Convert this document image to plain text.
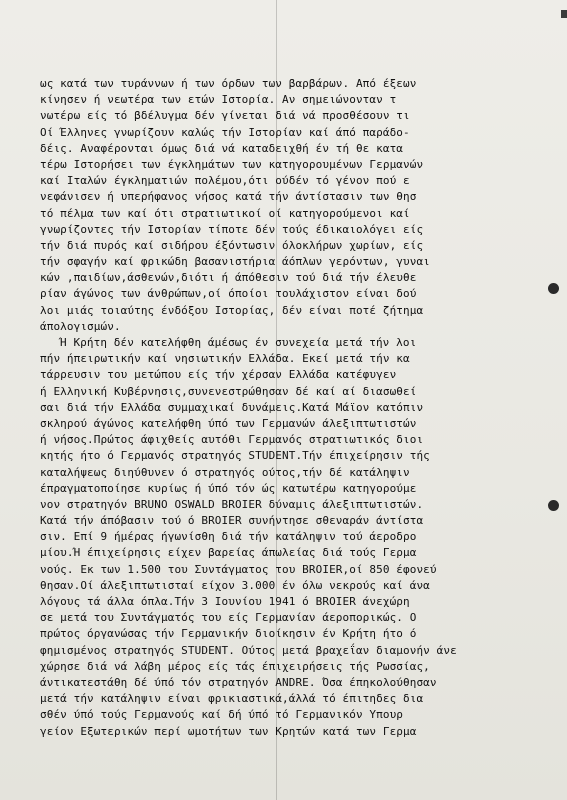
ως κατά των τυράννων ή των όρδων των βαρβάρων. Από έξεων
κίνησεν ή νεωτέρα των ετών Ιστορία. Αν σημειώνονταν τ
νωτέρω είς τό βδέλυγμα δέν γίνεται διά νά προσθέσουν τι
Οί Έλληνες γνωρίζουν καλώς τήν Ιστορίαν καί άπό παράδο-
δέις. Αναφέρονται όμως διά νά καταδειχθή έν τή θε κατα
τέρω Ιστορήσει των έγκλημάτων των κατηγορουμένων Γερμανών
καί Ιταλών έγκληματιών πολέμου,ότι ούδέν τό γένον πού ε
νεφάνισεν ή υπερήφανος νήσος κατά τήν άντίστασιν των θησ
τό πέλμα των καί ότι στρατιωτικοί οί κατηγορούμενοι καί
γνωρίζοντες τήν Ιστορίαν τίποτε δέν τούς έδικαιολόγει είς
τήν διά πυρός καί σιδήρου έξόντωσιν όλοκλήρων χωρίων, είς
τήν σφαγήν καί φρικώδη βασανιστήρια άόπλων γερόντων, γυναι
κών ,παιδίων,άσθενών,διότι ή άπόθεσιν τού διά τήν έλευθε
ρίαν άγώνος των άνθρώπων,οί όποίοι τουλάχιστον είναι δού
λοι μιάς τοιαύτης ένδόξου Ιστορίας, δέν είναι ποτέ ζήτημα
άπολογισμών.
Ή Κρήτη δέν κατελήφθη άμέσως έν συνεχεία μετά τήν λοι
πήν ήπειρωτικήν καί νησιωτικήν Ελλάδα. Εκεί μετά τήν κα
τάρρευσιν του μετώπου είς τήν χέρσαν Ελλάδα κατέφυγεν
ή Ελληνική Κυβέρνησις,συνενεστρώθησαν δέ καί αί διασωθεί
σαι διά τήν Ελλάδα συμμαχικαί δυνάμεις.Κατά Μάϊον κατόπιν
σκληρού άγώνος κατελήφθη ύπό των Γερμανών άλεξιπτωτιστών
ή νήσος.Πρώτος άφιχθείς αυτόθι Γερμανός στρατιωτικός διοι
κητής ήτο ό Γερμανός στρατηγός STUDENT.Τήν έπιχείρησιν τής
καταλήψεως διηύθυνεν ό στρατηγός ούτος,τήν δέ κατάληψιν
έπραγματοποίησε κυρίως ή ύπό τόν ώς κατωτέρω κατηγορούμε
νον στρατηγόν BRUNO OSWALD BROIER δύναμις άλεξιπτωτιστών.
Κατά τήν άπόβασιν τού ό BROIER συνήντησε σθεναράν άντίστα
σιν. Επί 9 ήμέρας ήγωνίσθη διά τήν κατάληψιν τού άεροδρο
μίου.Ή έπιχείρησις είχεν βαρείας άπωλείας διά τούς Γερμα
νούς. Εκ των 1.500 του Συντάγματος του BROIER,οί 850 έφονεύ
θησαν.Οί άλεξιπτωτισταί είχον 3.000 έν όλω νεκρούς καί άνα
λόγους τά άλλα όπλα.Τήν 3 Ιουνίου 1941 ό BROIER άνεχώρη
σε μετά του Συντάγματός του είς Γερμανίαν άεροπορικώς. Ο
πρώτος όργανώσας τήν Γερμανικήν διοίκησιν έν Κρήτη ήτο ό
φημισμένος στρατηγός STUDENT. Ούτος μετά βραχεΐαν διαμονήν άνε
χώρησε διά νά λάβη μέρος είς τάς έπιχειρήσεις τής Ρωσσίας,
άντικατεστάθη δέ ύπό τόν στρατηγόν ANDRE. Όσα έπηκολούθησαν
μετά τήν κατάληψιν είναι φρικιαστικά,άλλά τό έπιτηδες δια
σθέν ύπό τούς Γερμανούς καί δή ύπό τό Γερμανικόν Υπουρ
γείον Εξωτερικών περί ωμοτήτων των Κρητών κατά των Γερμα
